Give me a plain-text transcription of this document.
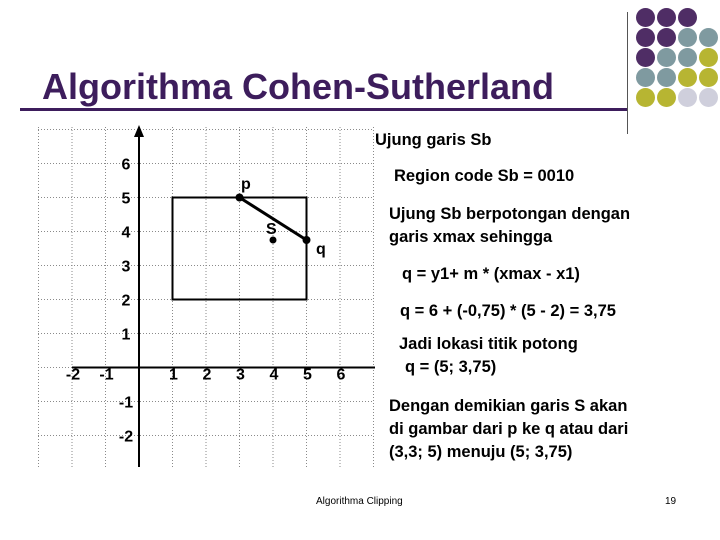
Algorithma Cohen-Sutherland
6
5
4
3
2
1
-1
-2
-2 -1	1 2 3 4 5 6
p
S
q
Ujung garis Sb
Region code Sb = 0010
Ujung Sb berpotongan dengan
garis xmax sehingga
q = y1+ m * (xmax - x1)
q = 6 + (-0,75) * (5 - 2) = 3,75
Jadi lokasi titik potong
q = (5; 3,75)
Dengan demikian garis S akan
di gambar dari p ke q atau dari
(3,3; 5) menuju (5; 3,75)
Algorithma Clipping	19
